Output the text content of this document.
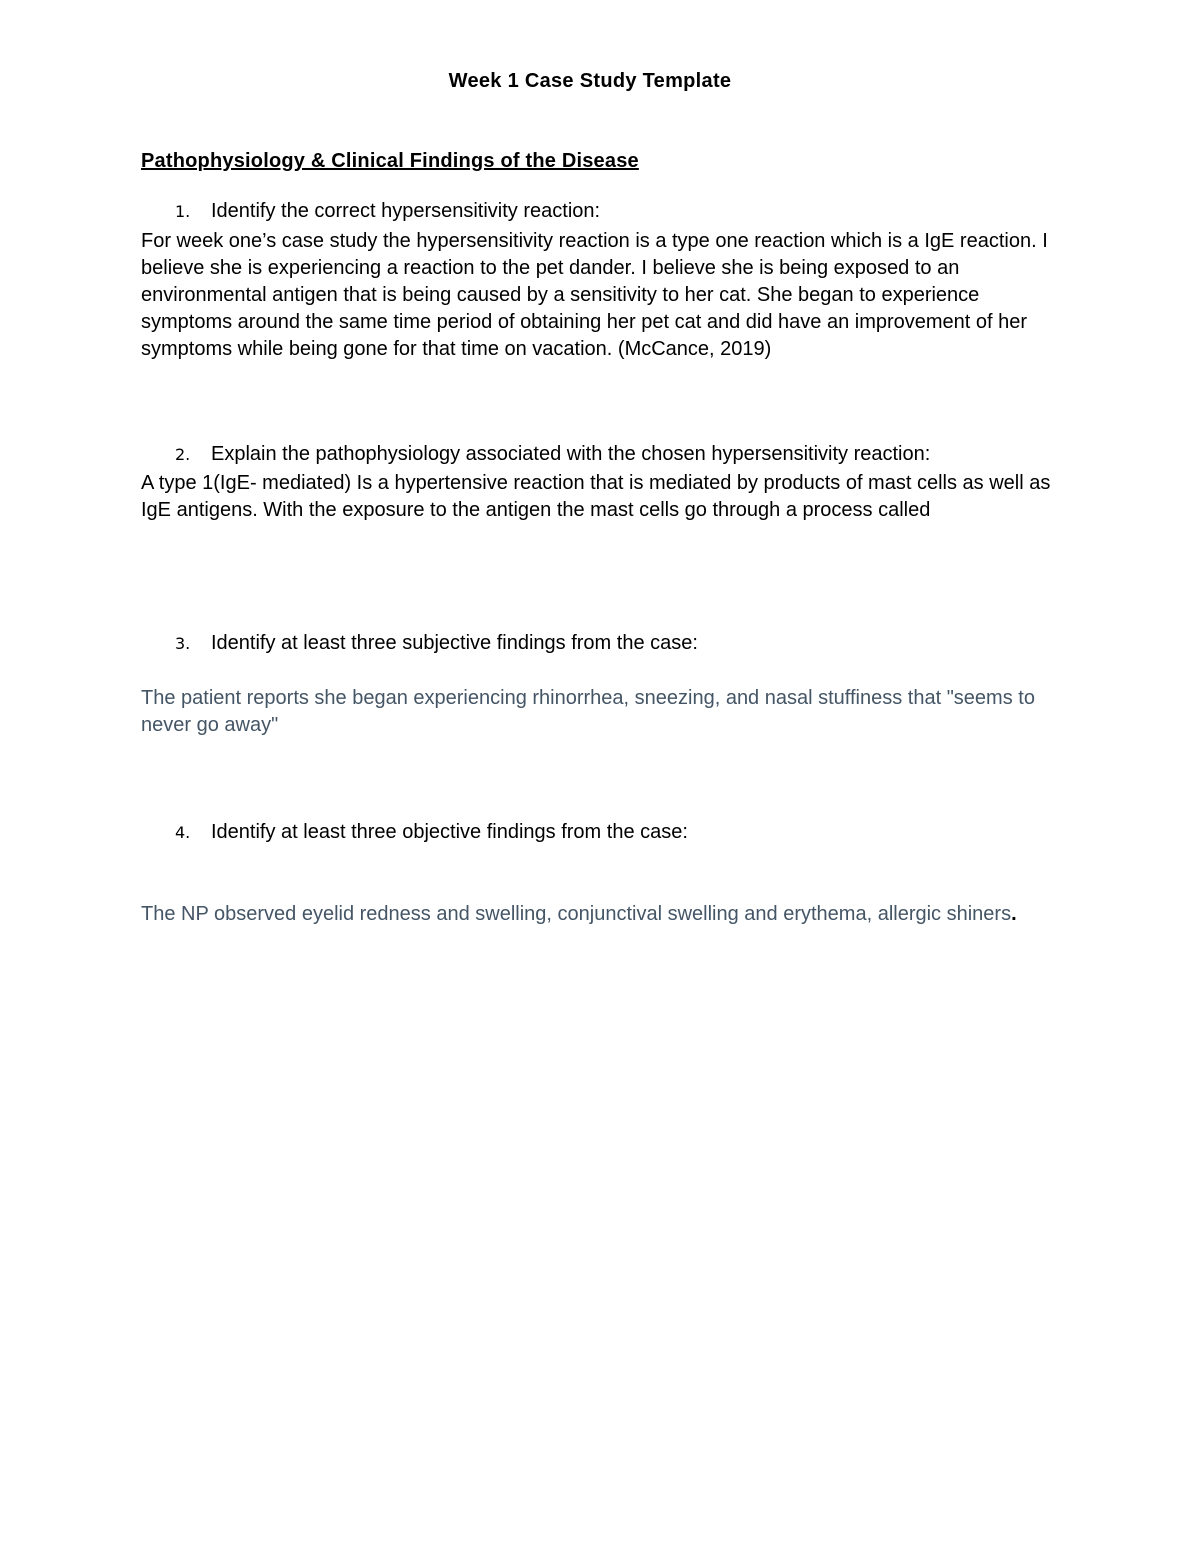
Week 1 Case Study Template
Pathophysiology & Clinical Findings of the Disease
1. Identify the correct hypersensitivity reaction:
For week one’s case study the hypersensitivity reaction is a type one reaction which is a IgE reaction. I believe she is experiencing a reaction to the pet dander. I believe she is being exposed to an environmental antigen that is being caused by a sensitivity to her cat. She began to experience symptoms around the same time period of obtaining her pet cat and did have an improvement of her symptoms while being gone for that time on vacation. (McCance, 2019)
2. Explain the pathophysiology associated with the chosen hypersensitivity reaction:
A type 1(IgE- mediated) Is a hypertensive reaction that is mediated by products of mast cells as well as IgE antigens. With the exposure to the antigen the mast cells go through a process called
3. Identify at least three subjective findings from the case:
The patient reports she began experiencing rhinorrhea, sneezing, and nasal stuffiness that "seems to never go away"
4. Identify at least three objective findings from the case:
The NP observed eyelid redness and swelling, conjunctival swelling and erythema, allergic shiners.
